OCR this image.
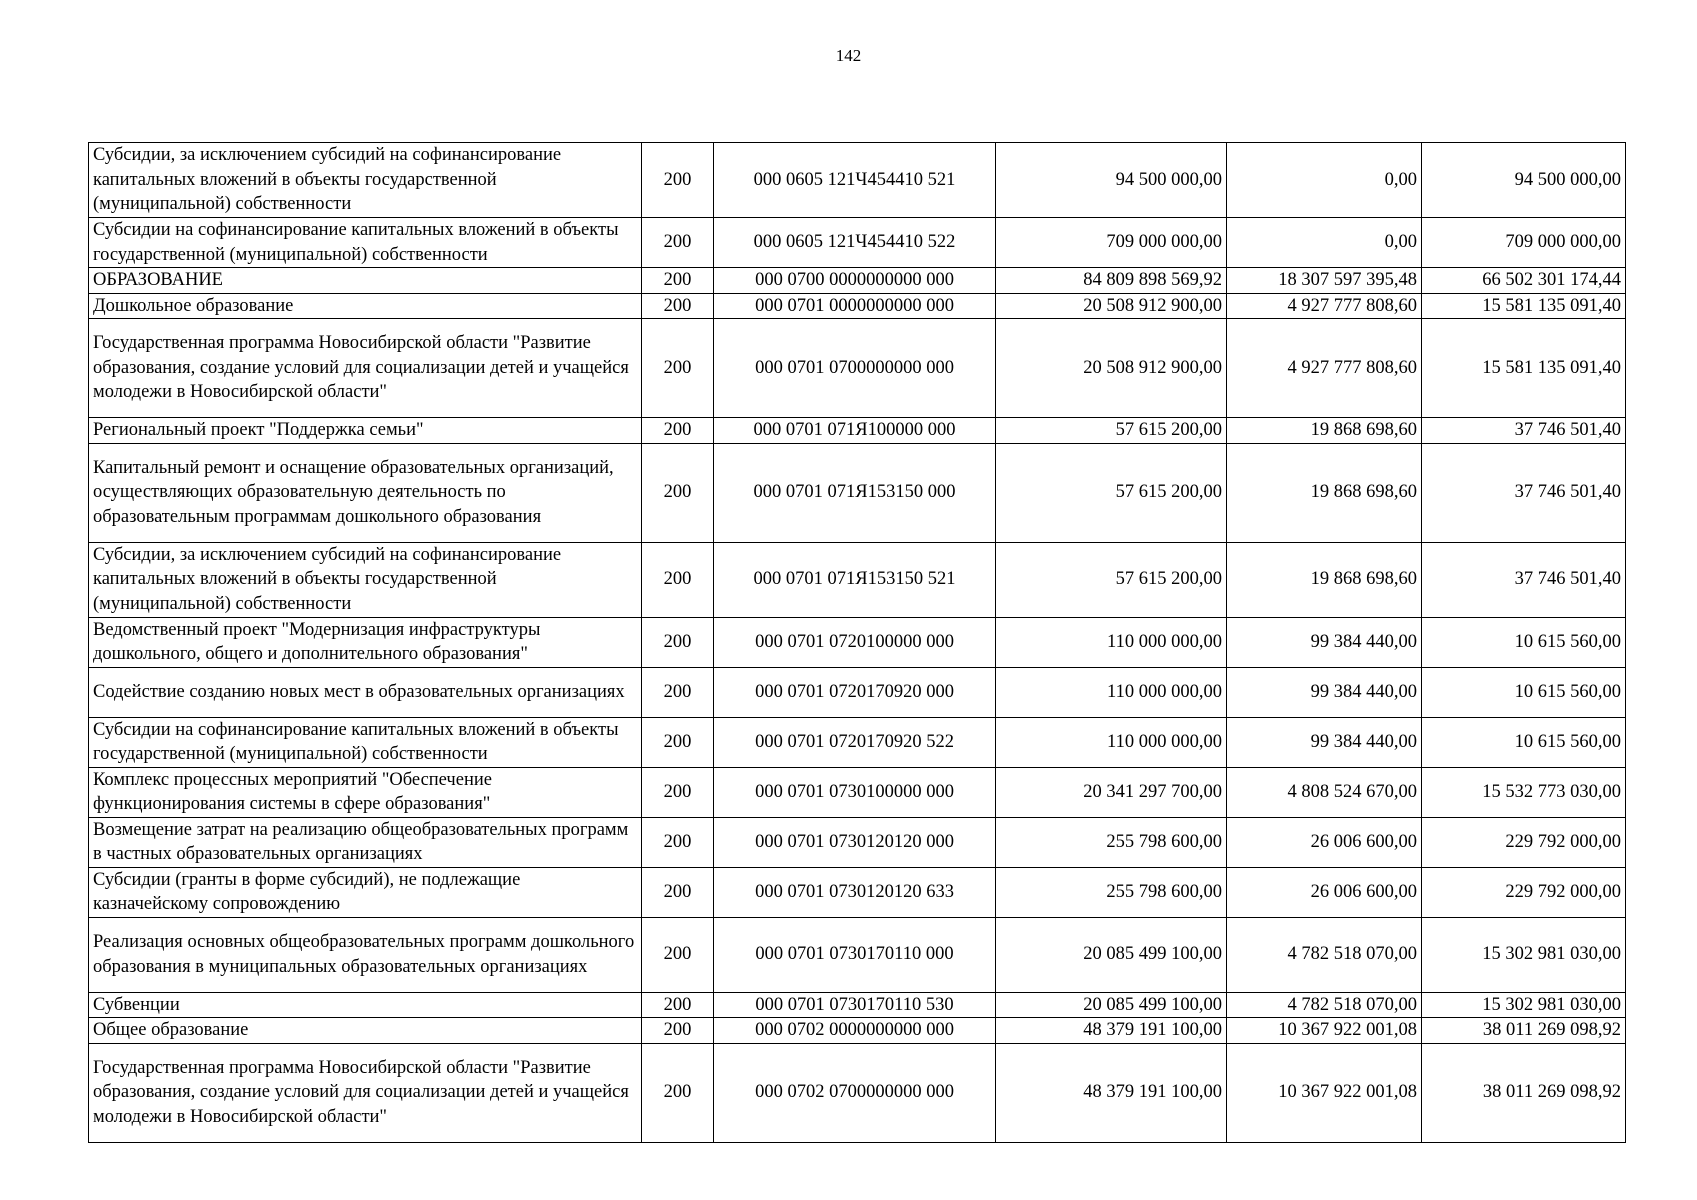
142
Субсидии, за исключением субсидий на софинансирование капитальных вложений в объекты государственной (муниципальной) собственности	200	000 0605 121Ч454410 521	94 500 000,00	0,00	94 500 000,00
Субсидии на софинансирование капитальных вложений в объекты государственной (муниципальной) собственности	200	000 0605 121Ч454410 522	709 000 000,00	0,00	709 000 000,00
ОБРАЗОВАНИЕ	200	000 0700 0000000000 000	84 809 898 569,92	18 307 597 395,48	66 502 301 174,44
Дошкольное образование	200	000 0701 0000000000 000	20 508 912 900,00	4 927 777 808,60	15 581 135 091,40
Государственная программа Новосибирской области "Развитие образования, создание условий для социализации детей и учащейся молодежи в Новосибирской области"	200	000 0701 0700000000 000	20 508 912 900,00	4 927 777 808,60	15 581 135 091,40
Региональный проект "Поддержка семьи"	200	000 0701 071Я100000 000	57 615 200,00	19 868 698,60	37 746 501,40
Капитальный ремонт и оснащение образовательных организаций, осуществляющих образовательную деятельность по образовательным программам дошкольного образования	200	000 0701 071Я153150 000	57 615 200,00	19 868 698,60	37 746 501,40
Субсидии, за исключением субсидий на софинансирование капитальных вложений в объекты государственной (муниципальной) собственности	200	000 0701 071Я153150 521	57 615 200,00	19 868 698,60	37 746 501,40
Ведомственный проект "Модернизация инфраструктуры дошкольного, общего и дополнительного образования"	200	000 0701 0720100000 000	110 000 000,00	99 384 440,00	10 615 560,00
Содействие созданию новых мест в образовательных организациях	200	000 0701 0720170920 000	110 000 000,00	99 384 440,00	10 615 560,00
Субсидии на софинансирование капитальных вложений в объекты государственной (муниципальной) собственности	200	000 0701 0720170920 522	110 000 000,00	99 384 440,00	10 615 560,00
Комплекс процессных мероприятий "Обеспечение функционирования системы в сфере образования"	200	000 0701 0730100000 000	20 341 297 700,00	4 808 524 670,00	15 532 773 030,00
Возмещение затрат на реализацию общеобразовательных программ в частных образовательных организациях	200	000 0701 0730120120 000	255 798 600,00	26 006 600,00	229 792 000,00
Субсидии (гранты в форме субсидий), не подлежащие казначейскому сопровождению	200	000 0701 0730120120 633	255 798 600,00	26 006 600,00	229 792 000,00
Реализация основных общеобразовательных программ дошкольного образования в муниципальных образовательных организациях	200	000 0701 0730170110 000	20 085 499 100,00	4 782 518 070,00	15 302 981 030,00
Субвенции	200	000 0701 0730170110 530	20 085 499 100,00	4 782 518 070,00	15 302 981 030,00
Общее образование	200	000 0702 0000000000 000	48 379 191 100,00	10 367 922 001,08	38 011 269 098,92
Государственная программа Новосибирской области "Развитие образования, создание условий для социализации детей и учащейся молодежи в Новосибирской области"	200	000 0702 0700000000 000	48 379 191 100,00	10 367 922 001,08	38 011 269 098,92
